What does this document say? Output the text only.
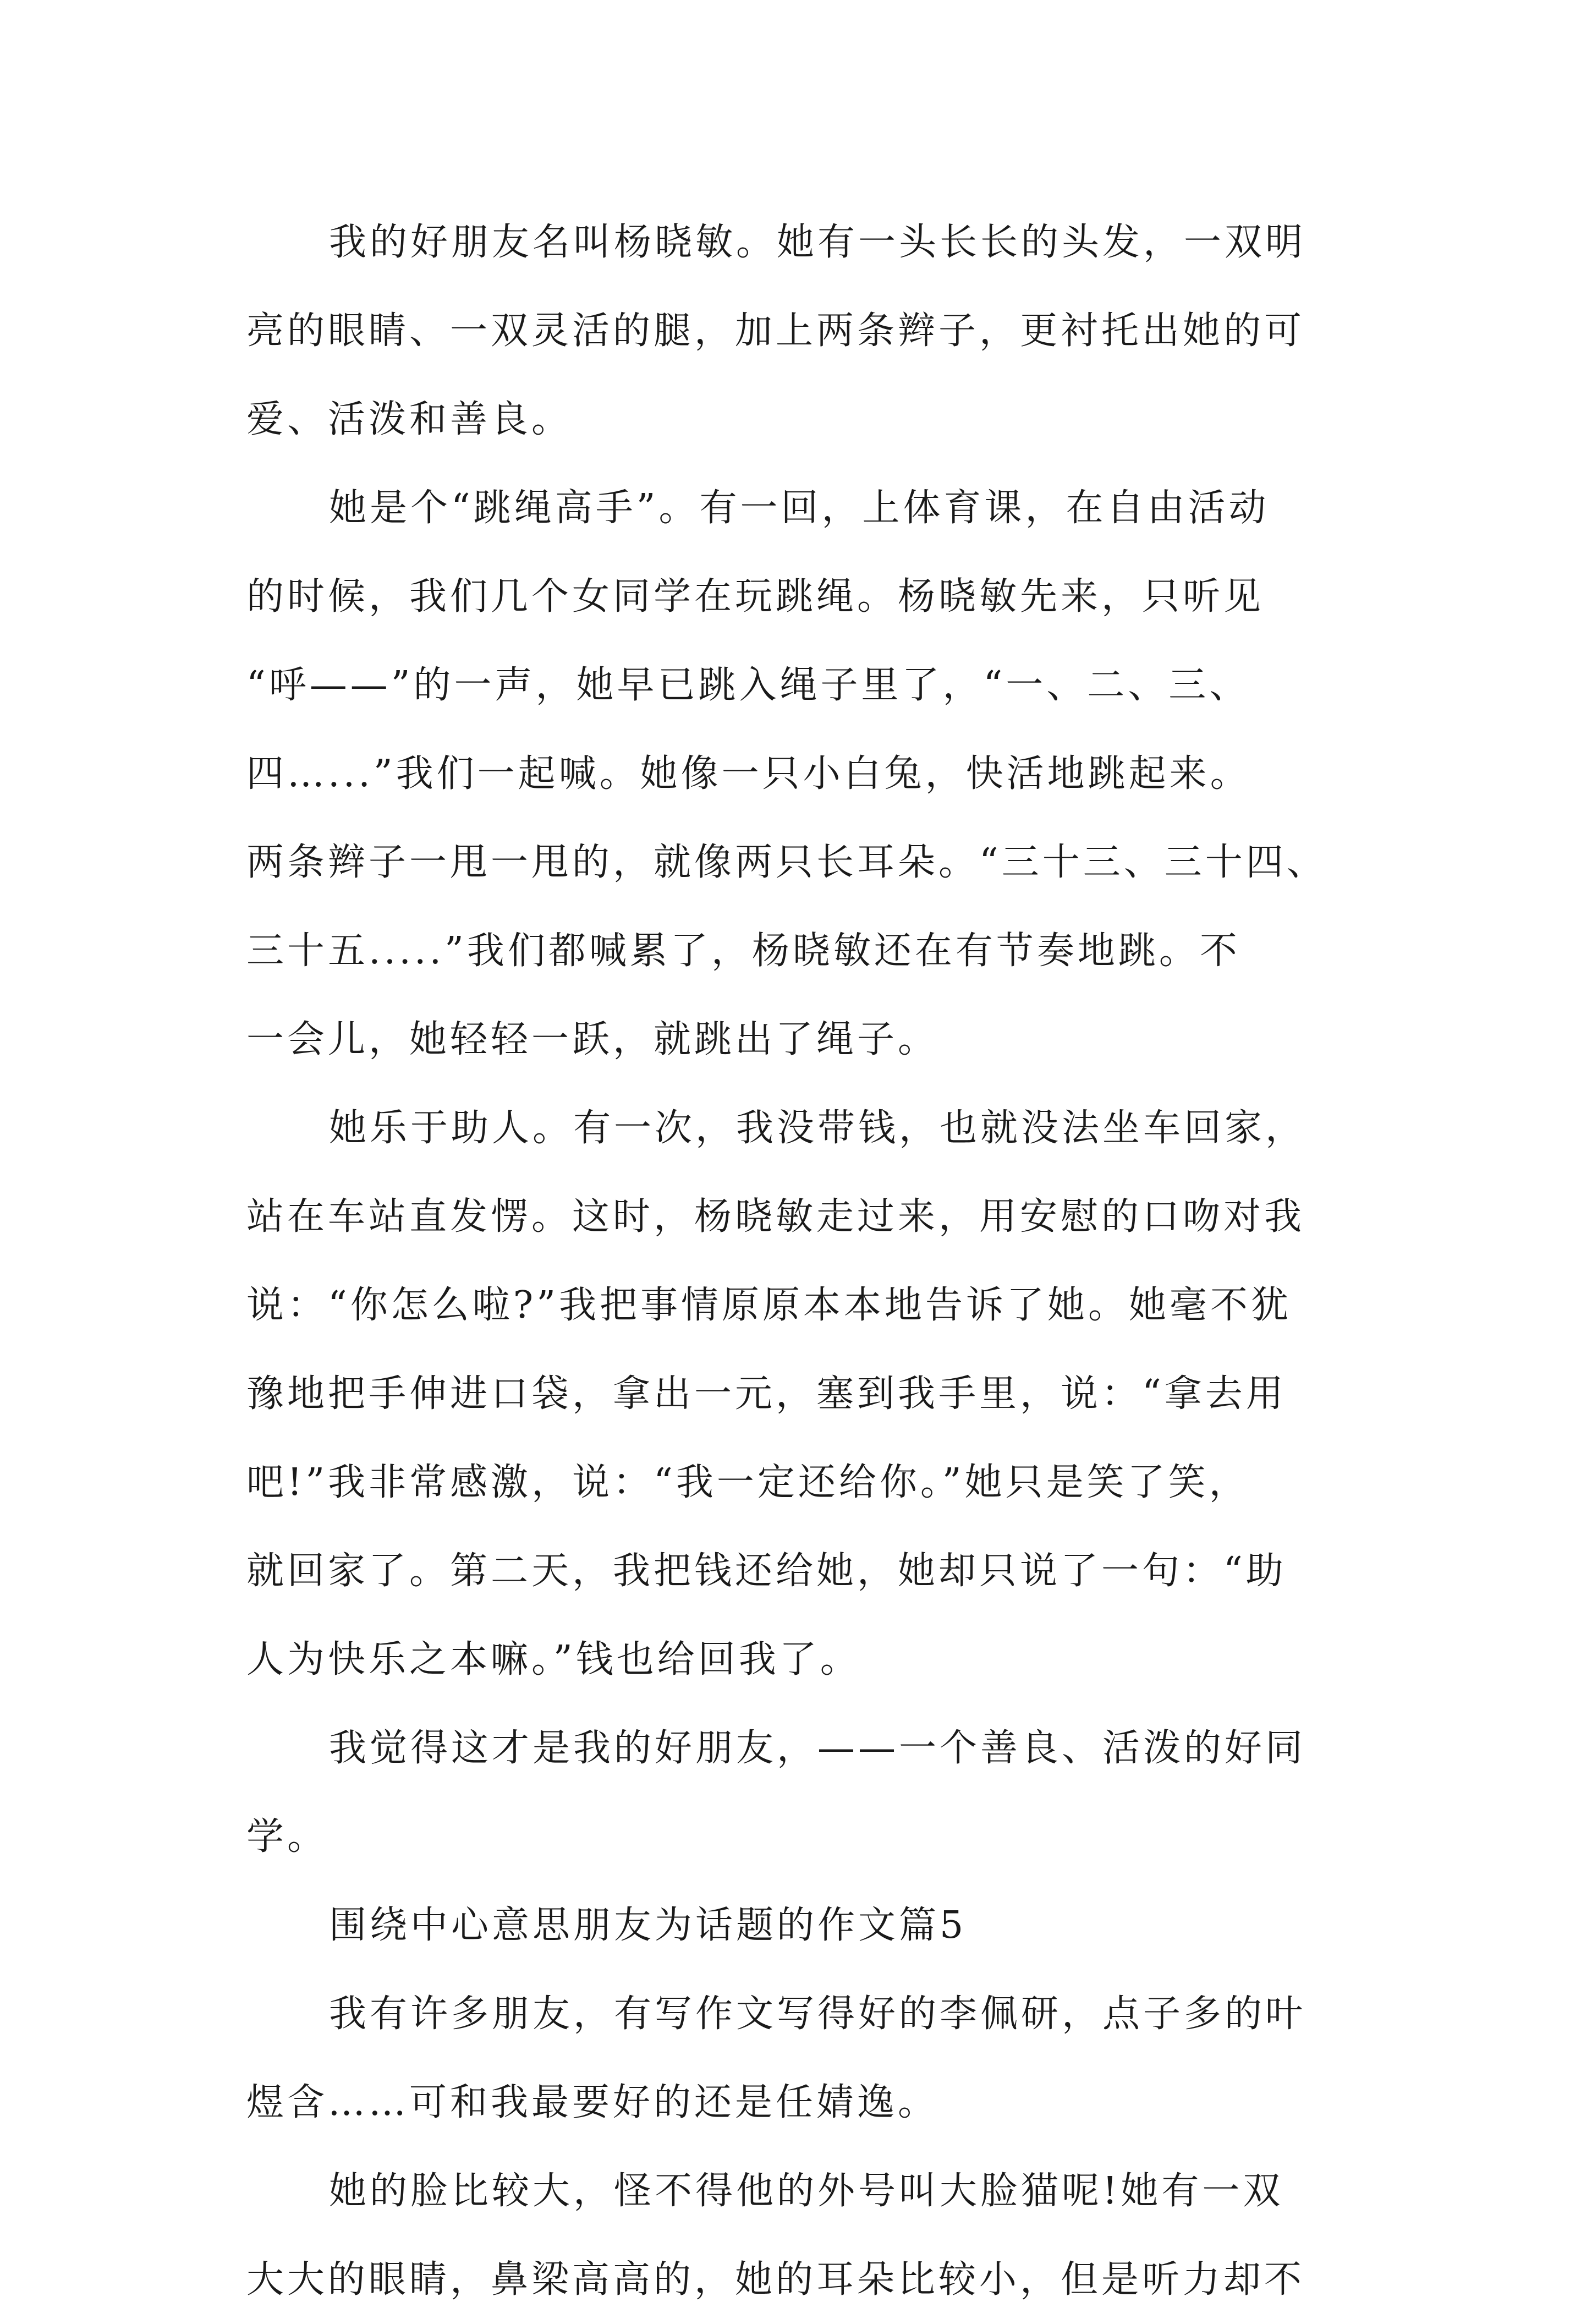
我的好朋友名叫杨晓敏。她有一头长长的头发，一双明
亮的眼睛、一双灵活的腿，加上两条辫子，更衬托出她的可
爱、活泼和善良。
她是个“跳绳高手”。有一回，上体育课，在自由活动
的时候，我们几个女同学在玩跳绳。杨晓敏先来，只听见
“呼——”的一声，她早已跳入绳子里了，“一、二、三、
四…...”我们一起喊。她像一只小白兔，快活地跳起来。
两条辫子一甩一甩的，就像两只长耳朵。“三十三、三十四、
三十五.....”我们都喊累了，杨晓敏还在有节奏地跳。不
一会儿，她轻轻一跃，就跳出了绳子。
她乐于助人。有一次，我没带钱，也就没法坐车回家，
站在车站直发愣。这时，杨晓敏走过来，用安慰的口吻对我
说：“你怎么啦?”我把事情原原本本地告诉了她。她毫不犹
豫地把手伸进口袋，拿出一元，塞到我手里，说：“拿去用
吧!”我非常感激，说：“我一定还给你。”她只是笑了笑，
就回家了。第二天，我把钱还给她，她却只说了一句：“助
人为快乐之本嘛。”钱也给回我了。
我觉得这才是我的好朋友，——一个善良、活泼的好同
学。
围绕中心意思朋友为话题的作文篇5
我有许多朋友，有写作文写得好的李佩研，点子多的叶
煜含……可和我最要好的还是任婧逸。
她的脸比较大，怪不得他的外号叫大脸猫呢!她有一双
大大的眼睛，鼻梁高高的，她的耳朵比较小，但是听力却不
